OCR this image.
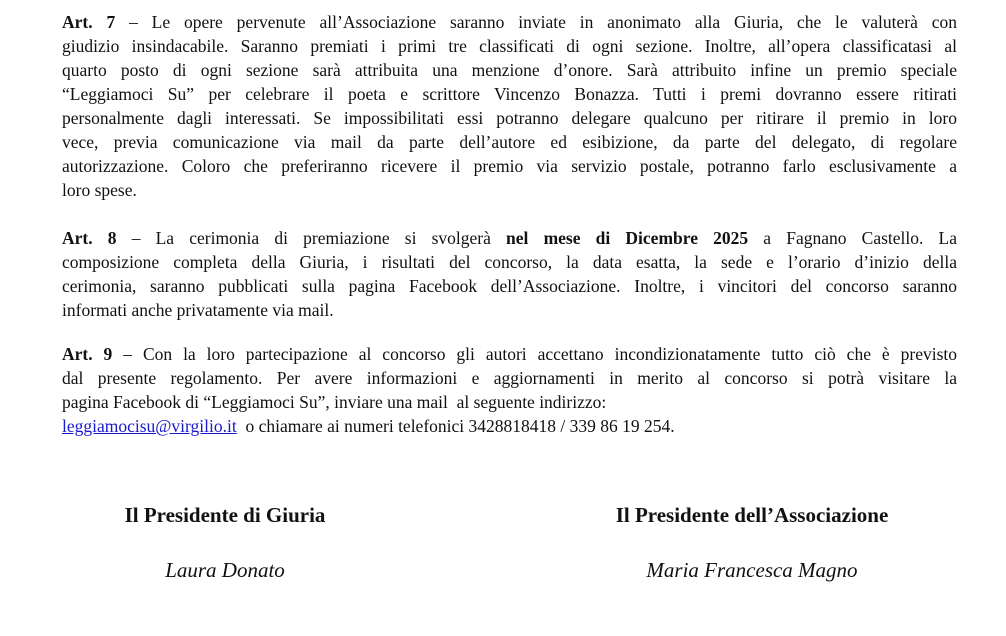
Art. 7 – Le opere pervenute all’Associazione saranno inviate in anonimato alla Giuria, che le valuterà con
giudizio insindacabile. Saranno premiati i primi tre classificati di ogni sezione. Inoltre, all’opera classificatasi al
quarto posto di ogni sezione sarà attribuita una menzione d’onore. Sarà attribuito infine un premio speciale
“Leggiamoci Su” per celebrare il poeta e scrittore Vincenzo Bonazza. Tutti i premi dovranno essere ritirati
personalmente dagli interessati. Se impossibilitati essi potranno delegare qualcuno per ritirare il premio in loro
vece, previa comunicazione via mail da parte dell’autore ed esibizione, da parte del delegato, di regolare
autorizzazione. Coloro che preferiranno ricevere il premio via servizio postale, potranno farlo esclusivamente a
loro spese.
Art. 8 – La cerimonia di premiazione si svolgerà nel mese di Dicembre 2025 a Fagnano Castello. La
composizione completa della Giuria, i risultati del concorso, la data esatta, la sede e l’orario d’inizio della
cerimonia, saranno pubblicati sulla pagina Facebook dell’Associazione. Inoltre, i vincitori del concorso saranno
informati anche privatamente via mail.
Art. 9 – Con la loro partecipazione al concorso gli autori accettano incondizionatamente tutto ciò che è previsto
dal presente regolamento. Per avere informazioni e aggiornamenti in merito al concorso si potrà visitare la
pagina Facebook di “Leggiamoci Su”, inviare una mail  al seguente indirizzo:
leggiamocisu@virgilio.it  o chiamare ai numeri telefonici 3428818418 / 339 86 19 254.
Il Presidente di Giuria
Laura Donato
Il Presidente dell’Associazione
Maria Francesca Magno
